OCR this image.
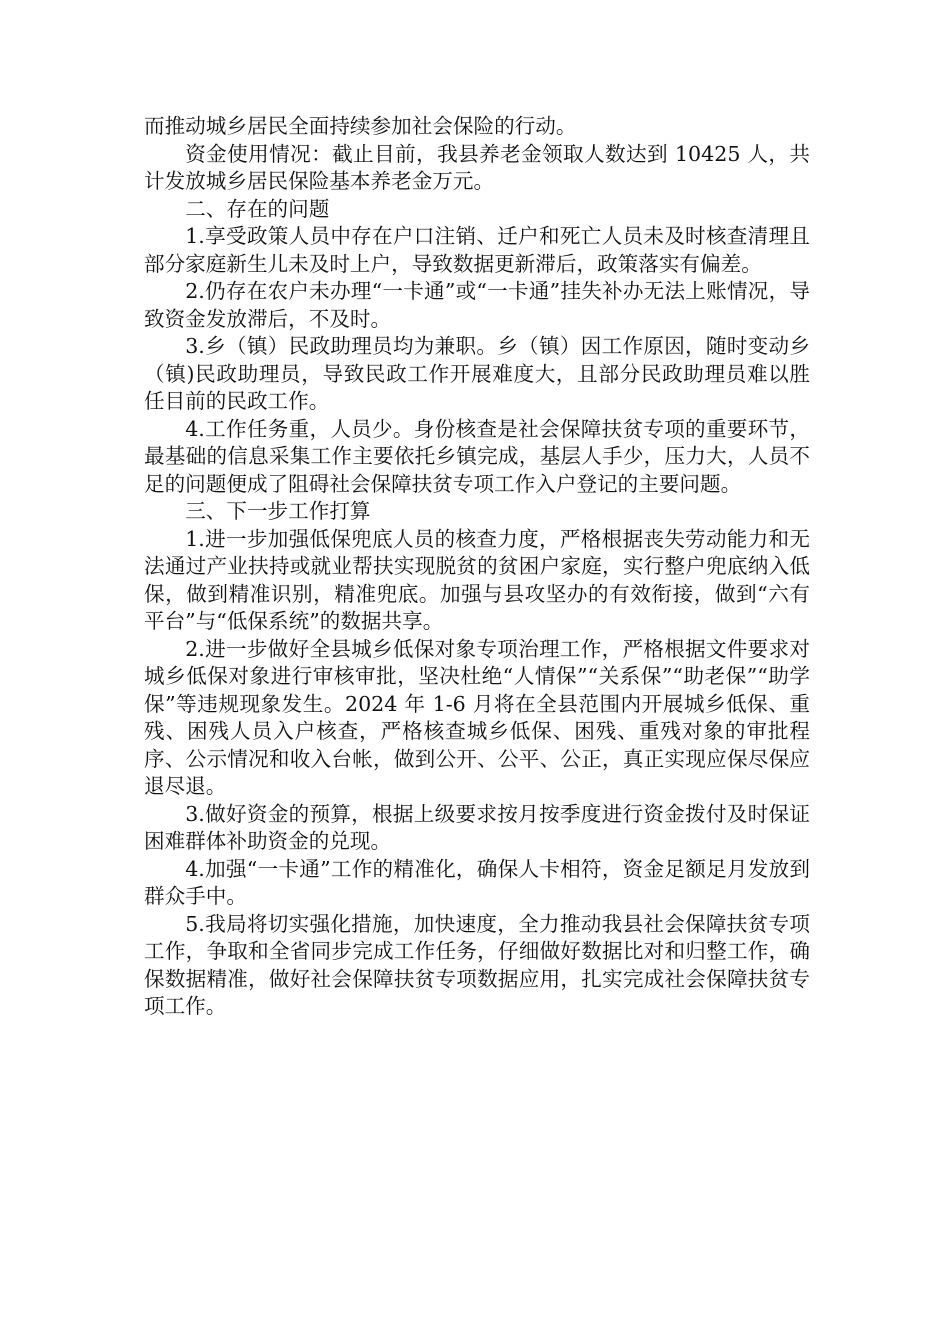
而推动城乡居民全面持续参加社会保险的行动。

资金使用情况：截止目前，我县养老金领取人数达到 10425 人，共计发放城乡居民保险基本养老金万元。

二、存在的问题

1.享受政策人员中存在户口注销、迁户和死亡人员未及时核查清理且部分家庭新生儿未及时上户，导致数据更新滞后，政策落实有偏差。

2.仍存在农户未办理“一卡通”或“一卡通”挂失补办无法上账情况，导致资金发放滞后，不及时。

3.乡（镇）民政助理员均为兼职。乡（镇）因工作原因，随时变动乡（镇)民政助理员，导致民政工作开展难度大，且部分民政助理员难以胜任目前的民政工作。

4.工作任务重，人员少。身份核查是社会保障扶贫专项的重要环节，最基础的信息采集工作主要依托乡镇完成，基层人手少，压力大，人员不足的问题便成了阻碍社会保障扶贫专项工作入户登记的主要问题。

三、下一步工作打算

1.进一步加强低保兜底人员的核查力度，严格根据丧失劳动能力和无法通过产业扶持或就业帮扶实现脱贫的贫困户家庭，实行整户兜底纳入低保，做到精准识别，精准兜底。加强与县攻坚办的有效衔接，做到“六有平台”与“低保系统”的数据共享。

2.进一步做好全县城乡低保对象专项治理工作，严格根据文件要求对城乡低保对象进行审核审批，坚决杜绝“人情保”“关系保”“助老保”“助学保”等违规现象发生。2024 年 1-6 月将在全县范围内开展城乡低保、重残、困残人员入户核查，严格核查城乡低保、困残、重残对象的审批程序、公示情况和收入台帐，做到公开、公平、公正，真正实现应保尽保应退尽退。

3.做好资金的预算，根据上级要求按月按季度进行资金拨付及时保证困难群体补助资金的兑现。

4.加强“一卡通”工作的精准化，确保人卡相符，资金足额足月发放到群众手中。

5.我局将切实强化措施，加快速度，全力推动我县社会保障扶贫专项工作，争取和全省同步完成工作任务，仔细做好数据比对和归整工作，确保数据精准，做好社会保障扶贫专项数据应用，扎实完成社会保障扶贫专项工作。
